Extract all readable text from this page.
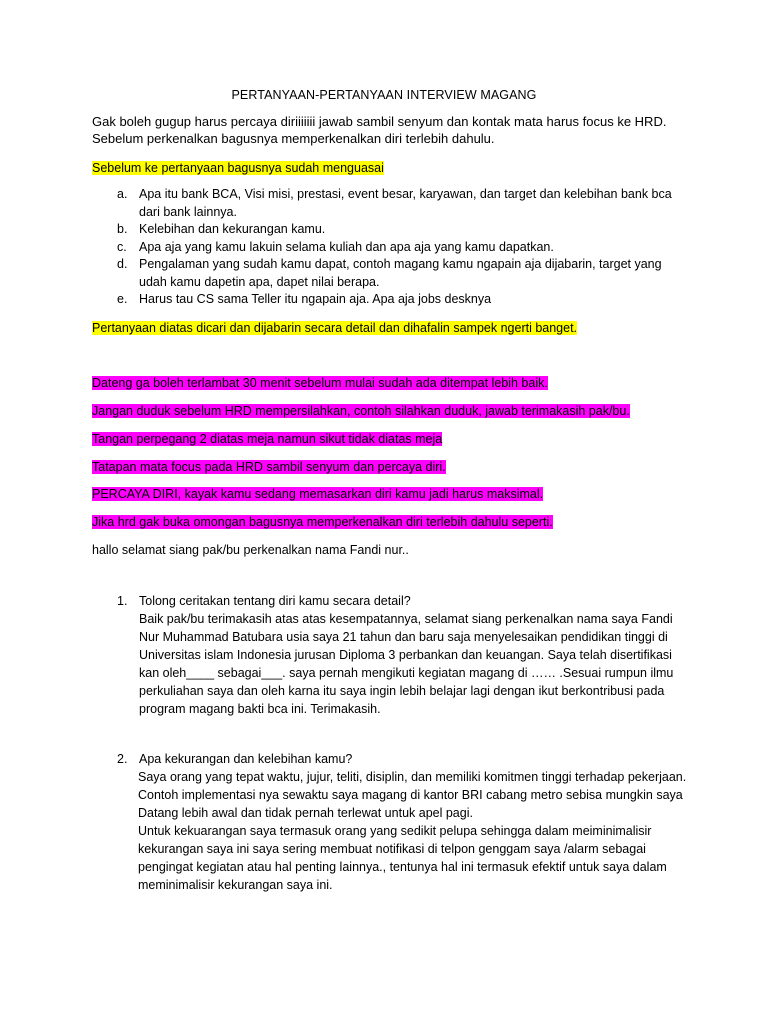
PERTANYAAN-PERTANYAAN INTERVIEW MAGANG
Gak boleh gugup harus percaya diriiiiiii jawab sambil senyum dan kontak mata harus focus ke HRD. Sebelum perkenalkan bagusnya memperkenalkan diri terlebih dahulu.
Sebelum ke pertanyaan bagusnya sudah menguasai
a. Apa itu bank BCA, Visi misi, prestasi, event besar, karyawan, dan target dan kelebihan bank bca dari bank lainnya.
b. Kelebihan dan kekurangan kamu.
c. Apa aja yang kamu lakuin selama kuliah dan apa aja yang kamu dapatkan.
d. Pengalaman yang sudah kamu dapat, contoh magang kamu ngapain aja dijabarin, target yang udah kamu dapetin apa, dapet nilai berapa.
e. Harus tau CS sama Teller itu ngapain aja. Apa aja jobs desknya
Pertanyaan diatas dicari dan dijabarin secara detail dan dihafalin sampek ngerti banget.
Dateng ga boleh terlambat 30 menit sebelum mulai sudah ada ditempat lebih baik.
Jangan duduk sebelum HRD mempersilahkan, contoh silahkan duduk, jawab terimakasih pak/bu.
Tangan perpegang 2 diatas meja namun sikut tidak diatas meja
Tatapan mata focus pada HRD sambil senyum dan percaya diri.
PERCAYA DIRI, kayak kamu sedang memasarkan diri kamu jadi harus maksimal.
Jika hrd gak buka omongan bagusnya memperkenalkan diri terlebih dahulu seperti.
hallo selamat siang pak/bu perkenalkan nama Fandi nur..
1. Tolong ceritakan tentang diri kamu secara detail?
Baik pak/bu terimakasih atas atas kesempatannya, selamat siang perkenalkan nama saya Fandi Nur Muhammad Batubara usia saya 21 tahun dan baru saja menyelesaikan pendidikan tinggi di Universitas islam Indonesia jurusan Diploma 3 perbankan dan keuangan. Saya telah disertifikasi kan oleh____ sebagai___. saya pernah mengikuti kegiatan magang di …… .Sesuai rumpun ilmu perkuliahan saya dan oleh karna itu saya ingin lebih belajar lagi dengan ikut berkontribusi pada program magang bakti bca ini. Terimakasih.
2. Apa kekurangan dan kelebihan kamu?

Saya orang yang tepat waktu, jujur, teliti, disiplin, dan memiliki komitmen tinggi terhadap pekerjaan. Contoh implementasi nya sewaktu saya magang di kantor BRI cabang metro sebisa mungkin saya Datang lebih awal dan tidak pernah terlewat untuk apel pagi.

Untuk kekuarangan saya termasuk orang yang sedikit pelupa sehingga dalam meiminimalisir kekurangan saya ini saya sering membuat notifikasi di telpon genggam saya /alarm sebagai pengingat kegiatan atau hal penting lainnya., tentunya hal ini termasuk efektif untuk saya dalam meminimalisir kekurangan saya ini.
